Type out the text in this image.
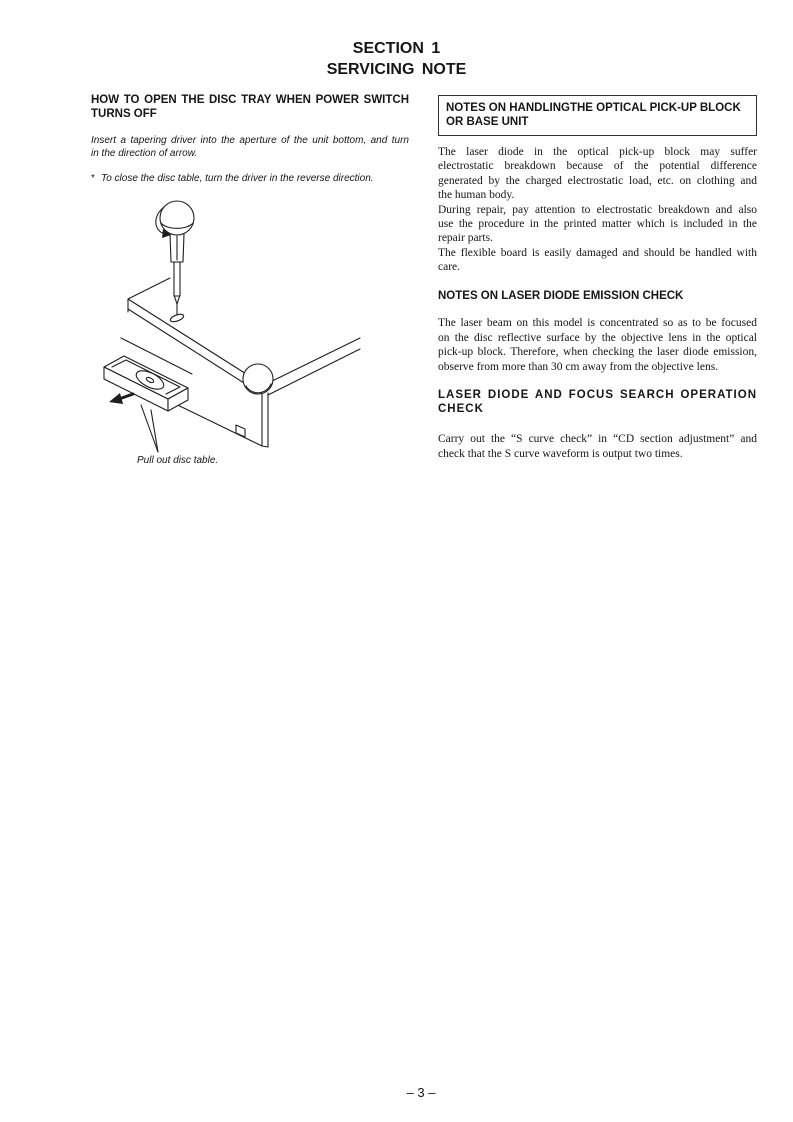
SECTION 1
SERVICING NOTE
HOW TO OPEN THE DISC TRAY WHEN POWER SWITCH
TURNS OFF
Insert a tapering driver into the aperture of the unit bottom, and turn
in the direction of arrow.
* To close the disc table, turn the driver in the reverse direction.
Pull out disc table.
NOTES ON HANDLINGTHE OPTICAL PICK-UP BLOCK
OR BASE UNIT
The laser diode in the optical pick-up block may suffer
electrostatic breakdown because of the potential difference
generated by the charged electrostatic load, etc. on clothing and
the human body.
During repair, pay attention to electrostatic breakdown and also
use the procedure in the printed matter which is included in the
repair parts.
The flexible board is easily damaged and should be handled with
care.
NOTES ON LASER DIODE EMISSION CHECK
The laser beam on this model is concentrated so as to be focused
on the disc reflective surface by the objective lens in the optical
pick-up block. Therefore, when checking the laser diode emission,
observe from more than 30 cm away from the objective lens.
LASER DIODE AND FOCUS SEARCH OPERATION
CHECK
Carry out the “S curve check” in “CD section adjustment” and
check that the S curve waveform is output two times.
– 3 –
